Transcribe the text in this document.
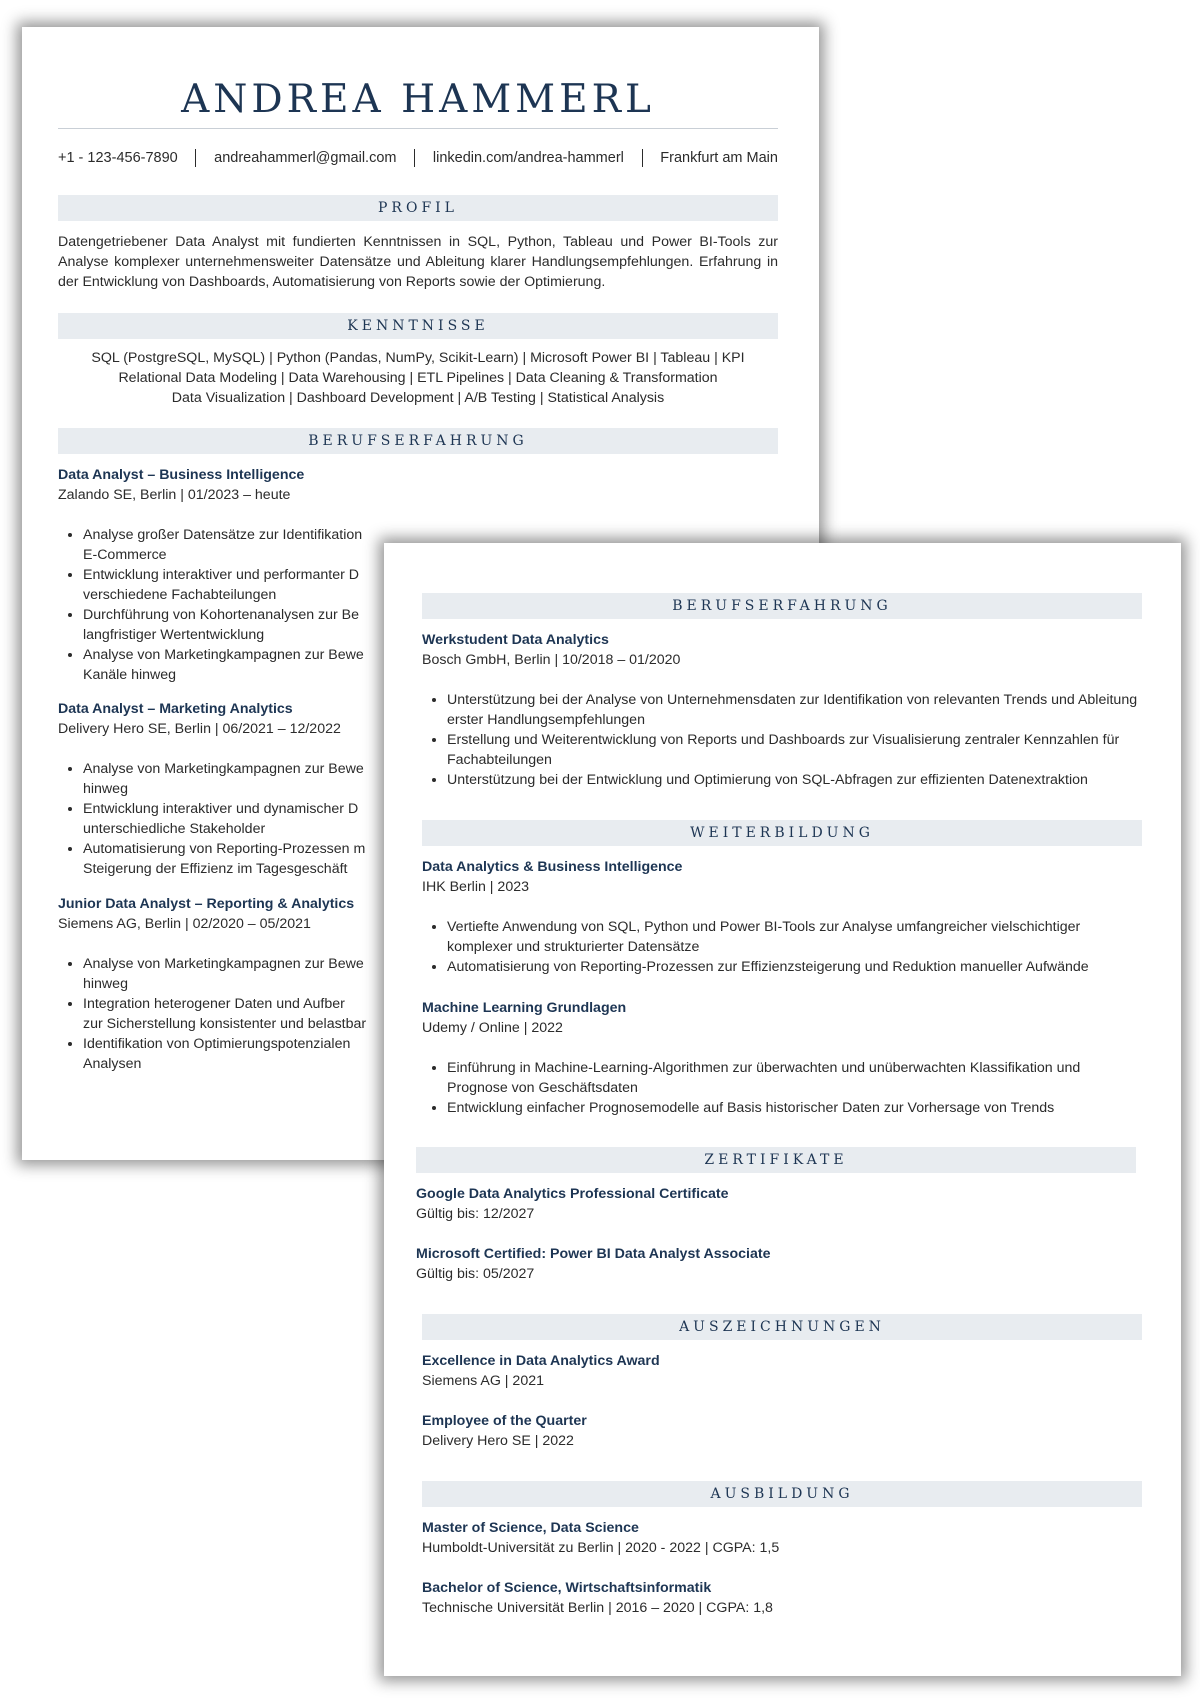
ANDREA HAMMERL
+1 - 123-456-7890	andreahammerl@gmail.com	linkedin.com/andrea-hammerl	Frankfurt am Main
PROFIL

Datengetriebener Data Analyst mit fundierten Kenntnissen in SQL, Python, Tableau und Power BI-Tools zur Analyse komplexer unternehmensweiter Datensätze und Ableitung klarer Handlungsempfehlungen. Erfahrung in der Entwicklung von Dashboards, Automatisierung von Reports sowie der Optimierung.

KENNTNISSE
SQL (PostgreSQL, MySQL) | Python (Pandas, NumPy, Scikit-Learn) | Microsoft Power BI | Tableau | KPI
Relational Data Modeling | Data Warehousing | ETL Pipelines | Data Cleaning & Transformation
Data Visualization | Dashboard Development | A/B Testing | Statistical Analysis
BERUFSERFAHRUNG
Data Analyst – Business Intelligence
Zalando SE, Berlin | 01/2023 – heute
• Analyse großer Datensätze zur Identifikation
E-Commerce
• Entwicklung interaktiver und performanter D
verschiedene Fachabteilungen
• Durchführung von Kohortenanalysen zur Be
langfristiger Wertentwicklung
• Analyse von Marketingkampagnen zur Bewe
Kanäle hinweg
Data Analyst – Marketing Analytics
Delivery Hero SE, Berlin | 06/2021 – 12/2022
• Analyse von Marketingkampagnen zur Bewe
hinweg
• Entwicklung interaktiver und dynamischer D
unterschiedliche Stakeholder
• Automatisierung von Reporting-Prozessen m
Steigerung der Effizienz im Tagesgeschäft
Junior Data Analyst – Reporting & Analytics
Siemens AG, Berlin | 02/2020 – 05/2021
• Analyse von Marketingkampagnen zur Bewe
hinweg
• Integration heterogener Daten und Aufber
zur Sicherstellung konsistenter und belastbar
• Identifikation von Optimierungspotenzialen
Analysen
BERUFSERFAHRUNG
Werkstudent Data Analytics
Bosch GmbH, Berlin | 10/2018 – 01/2020
• Unterstützung bei der Analyse von Unternehmensdaten zur Identifikation von relevanten Trends und Ableitung erster Handlungsempfehlungen
• Erstellung und Weiterentwicklung von Reports und Dashboards zur Visualisierung zentraler Kennzahlen für Fachabteilungen
• Unterstützung bei der Entwicklung und Optimierung von SQL-Abfragen zur effizienten Datenextraktion
WEITERBILDUNG
Data Analytics & Business Intelligence
IHK Berlin | 2023
• Vertiefte Anwendung von SQL, Python und Power BI-Tools zur Analyse umfangreicher vielschichtiger komplexer und strukturierter Datensätze
• Automatisierung von Reporting-Prozessen zur Effizienzsteigerung und Reduktion manueller Aufwände
Machine Learning Grundlagen
Udemy / Online | 2022
• Einführung in Machine-Learning-Algorithmen zur überwachten und unüberwachten Klassifikation und Prognose von Geschäftsdaten
• Entwicklung einfacher Prognosemodelle auf Basis historischer Daten zur Vorhersage von Trends
ZERTIFIKATE
Google Data Analytics Professional Certificate
Gültig bis: 12/2027
Microsoft Certified: Power BI Data Analyst Associate
Gültig bis: 05/2027
AUSZEICHNUNGEN
Excellence in Data Analytics Award
Siemens AG | 2021
Employee of the Quarter
Delivery Hero SE | 2022
AUSBILDUNG
Master of Science, Data Science
Humboldt-Universität zu Berlin | 2020 - 2022 | CGPA: 1,5
Bachelor of Science, Wirtschaftsinformatik
Technische Universität Berlin | 2016 – 2020 | CGPA: 1,8
